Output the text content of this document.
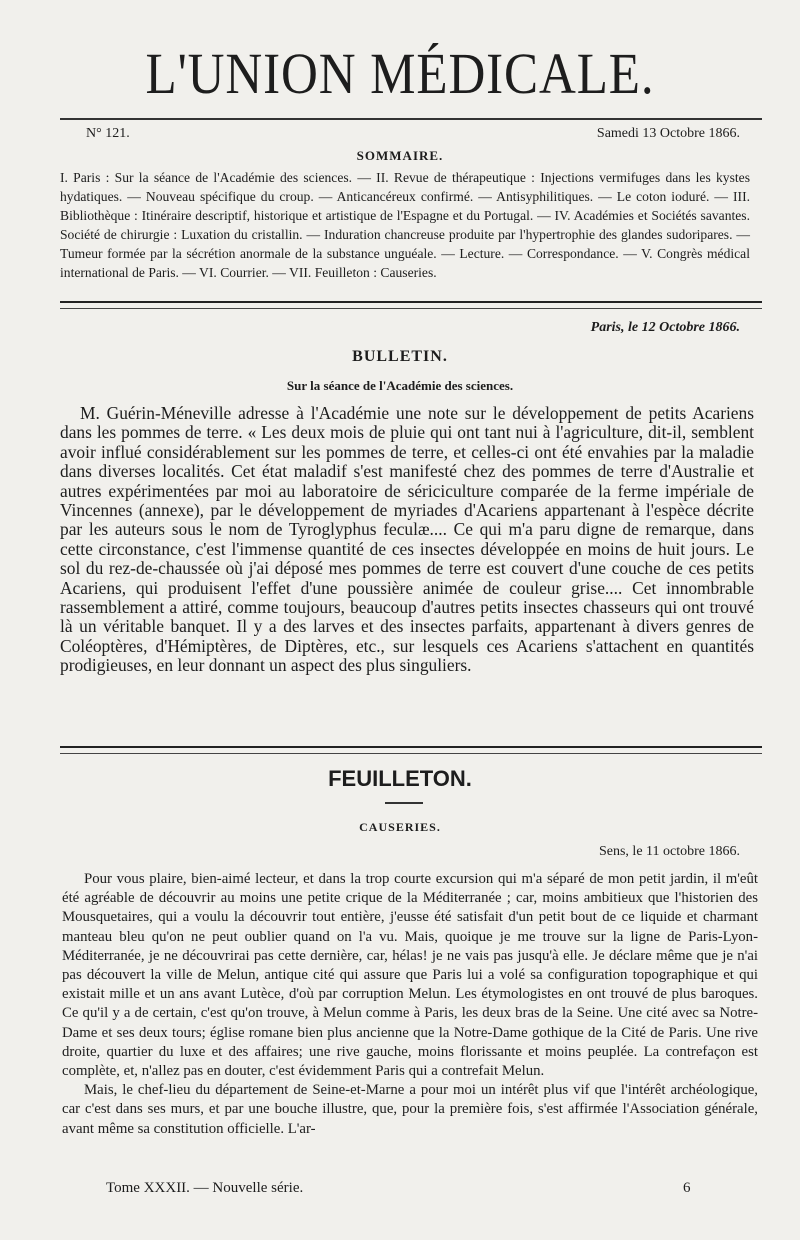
L'UNION MÉDICALE.
N° 121.	Samedi 13 Octobre 1866.
SOMMAIRE.
I. Paris : Sur la séance de l'Académie des sciences. — II. Revue de thérapeutique : Injections vermifuges dans les kystes hydatiques. — Nouveau spécifique du croup. — Anticancéreux confirmé. — Antisyphilitiques. — Le coton ioduré. — III. Bibliothèque : Itinéraire descriptif, historique et artistique de l'Espagne et du Portugal. — IV. Académies et Sociétés savantes. Société de chirurgie : Luxation du cristallin. — Induration chancreuse produite par l'hypertrophie des glandes sudoripares. — Tumeur formée par la sécrétion anormale de la substance unguéale. — Lecture. — Correspondance. — V. Congrès médical international de Paris. — VI. Courrier. — VII. Feuilleton : Causeries.
Paris, le 12 Octobre 1866.
BULLETIN.
Sur la séance de l'Académie des sciences.

M. Guérin-Méneville adresse à l'Académie une note sur le développement de petits Acariens dans les pommes de terre. « Les deux mois de pluie qui ont tant nui à l'agriculture, dit-il, semblent avoir influé considérablement sur les pommes de terre, et celles-ci ont été envahies par la maladie dans diverses localités. Cet état maladif s'est manifesté chez des pommes de terre d'Australie et autres expérimentées par moi au laboratoire de sériciculture comparée de la ferme impériale de Vincennes (annexe), par le développement de myriades d'Acariens appartenant à l'espèce décrite par les auteurs sous le nom de Tyroglyphus feculæ.... Ce qui m'a paru digne de remarque, dans cette circonstance, c'est l'immense quantité de ces insectes développée en moins de huit jours. Le sol du rez-de-chaussée où j'ai déposé mes pommes de terre est couvert d'une couche de ces petits Acariens, qui produisent l'effet d'une poussière animée de couleur grise.... Cet innombrable rassemblement a attiré, comme toujours, beaucoup d'autres petits insectes chasseurs qui ont trouvé là un véritable banquet. Il y a des larves et des insectes parfaits, appartenant à divers genres de Coléoptères, d'Hémiptères, de Diptères, etc., sur lesquels ces Acariens s'attachent en quantités prodigieuses, en leur donnant un aspect des plus singuliers.

FEUILLETON.
CAUSERIES.
Sens, le 11 octobre 1866.

Pour vous plaire, bien-aimé lecteur, et dans la trop courte excursion qui m'a séparé de mon petit jardin, il m'eût été agréable de découvrir au moins une petite crique de la Méditerranée ; car, moins ambitieux que l'historien des Mousquetaires, qui a voulu la découvrir tout entière, j'eusse été satisfait d'un petit bout de ce liquide et charmant manteau bleu qu'on ne peut oublier quand on l'a vu. Mais, quoique je me trouve sur la ligne de Paris-Lyon-Méditerranée, je ne découvrirai pas cette dernière, car, hélas! je ne vais pas jusqu'à elle. Je déclare même que je n'ai pas découvert la ville de Melun, antique cité qui assure que Paris lui a volé sa configuration topographique et qui existait mille et un ans avant Lutèce, d'où par corruption Melun. Les étymologistes en ont trouvé de plus baroques. Ce qu'il y a de certain, c'est qu'on trouve, à Melun comme à Paris, les deux bras de la Seine. Une cité avec sa Notre-Dame et ses deux tours; église romane bien plus ancienne que la Notre-Dame gothique de la Cité de Paris. Une rive droite, quartier du luxe et des affaires; une rive gauche, moins florissante et moins peuplée. La contrefaçon est complète, et, n'allez pas en douter, c'est évidemment Paris qui a contrefait Melun.

Mais, le chef-lieu du département de Seine-et-Marne a pour moi un intérêt plus vif que l'intérêt archéologique, car c'est dans ses murs, et par une bouche illustre, que, pour la première fois, s'est affirmée l'Association générale, avant même sa constitution officielle. L'ar-

Tome XXXII. — Nouvelle série.	6
